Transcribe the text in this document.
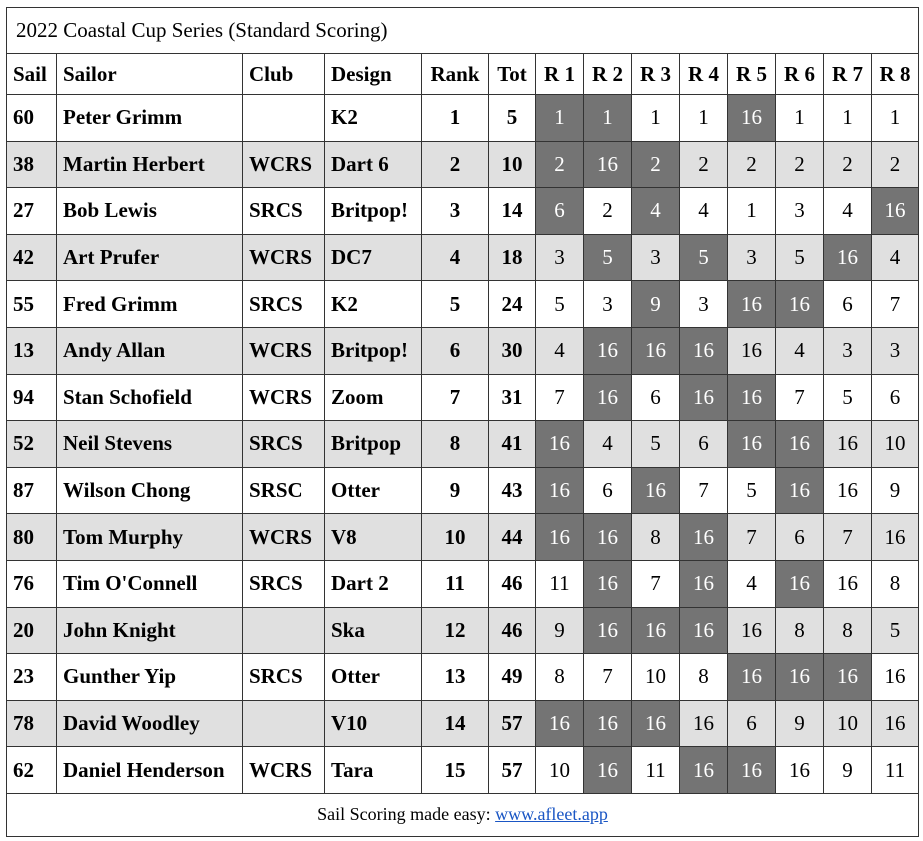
2022 Coastal Cup Series (Standard Scoring)													
Sail	Sailor	Club	Design	Rank	Tot	R 1	R 2	R 3	R 4	R 5	R 6	R 7	R 8
60	Peter Grimm		K2	1	5	1	1	1	1	16	1	1	1
38	Martin Herbert	WCRS	Dart 6	2	10	2	16	2	2	2	2	2	2
27	Bob Lewis	SRCS	Britpop!	3	14	6	2	4	4	1	3	4	16
42	Art Prufer	WCRS	DC7	4	18	3	5	3	5	3	5	16	4
55	Fred Grimm	SRCS	K2	5	24	5	3	9	3	16	16	6	7
13	Andy Allan	WCRS	Britpop!	6	30	4	16	16	16	16	4	3	3
94	Stan Schofield	WCRS	Zoom	7	31	7	16	6	16	16	7	5	6
52	Neil Stevens	SRCS	Britpop	8	41	16	4	5	6	16	16	16	10
87	Wilson Chong	SRSC	Otter	9	43	16	6	16	7	5	16	16	9
80	Tom Murphy	WCRS	V8	10	44	16	16	8	16	7	6	7	16
76	Tim O'Connell	SRCS	Dart 2	11	46	11	16	7	16	4	16	16	8
20	John Knight		Ska	12	46	9	16	16	16	16	8	8	5
23	Gunther Yip	SRCS	Otter	13	49	8	7	10	8	16	16	16	16
78	David Woodley		V10	14	57	16	16	16	16	6	9	10	16
62	Daniel Henderson	WCRS	Tara	15	57	10	16	11	16	16	16	9	11
Sail Scoring made easy: www.afleet.app													
